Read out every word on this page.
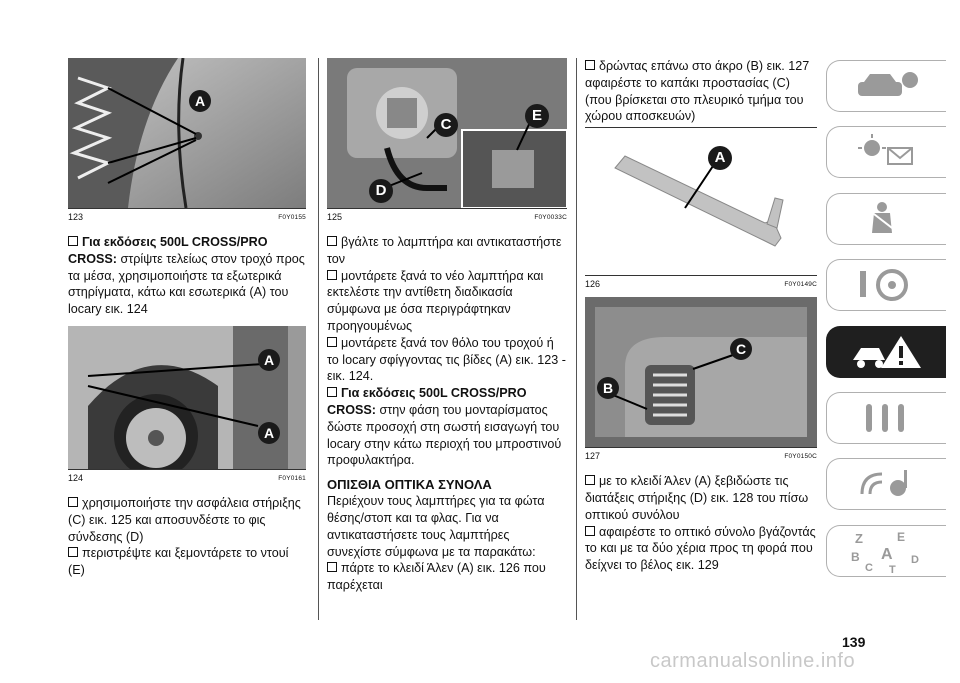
A
123	F0Y0155

Για εκδόσεις 500L CROSS/PRO CROSS: στρίψτε τελείως στον τροχό προς τα μέσα, χρησιμοποιήστε τα εξωτερικά στηρίγματα, κάτω και εσωτερικά (A) του locary εικ. 124

A
A
124	F0Y0161

χρησιμοποιήστε την ασφάλεια στήριξης (C) εικ. 125 και αποσυνδέστε το φις σύνδεσης (D)

περιστρέψτε και ξεμοντάρετε το ντουί (E)

C
D
E
125	F0Y0033C

βγάλτε το λαμπτήρα και αντικαταστήστε τον

μοντάρετε ξανά το νέο λαμπτήρα και εκτελέστε την αντίθετη διαδικασία σύμφωνα με όσα περιγράφτηκαν προηγουμένως

μοντάρετε ξανά τον θόλο του τροχού ή το locary σφίγγοντας τις βίδες (A) εικ. 123 - εικ. 124.

Για εκδόσεις 500L CROSS/PRO CROSS: στην φάση του μονταρίσματος δώστε προσοχή στη σωστή εισαγωγή του locary στην κάτω περιοχή του μπροστινού προφυλακτήρα.

ΟΠΙΣΘΙΑ ΟΠΤΙΚΑ ΣΥΝΟΛΑ

Περιέχουν τους λαμπτήρες για τα φώτα θέσης/στοπ και τα φλας. Για να αντικαταστήσετε τους λαμπτήρες συνεχίστε σύμφωνα με τα παρακάτω:

πάρτε το κλειδί Άλεν (A) εικ. 126 που παρέχεται

δρώντας επάνω στο άκρο (B) εικ. 127 αφαιρέστε το καπάκι προστασίας (C) (που βρίσκεται στο πλευρικό τμήμα του χώρου αποσκευών)

A
126	F0Y0149C
B
C
127	F0Y0150C

με το κλειδί Άλεν (A) ξεβιδώστε τις διατάξεις στήριξης (D) εικ. 128 του πίσω οπτικού συνόλου

αφαιρέστε το οπτικό σύνολο βγάζοντάς το και με τα δύο χέρια προς τη φορά που δείχνει το βέλος εικ. 129

Z	E
B A
C
D
T
139
carmanualsonline.info
